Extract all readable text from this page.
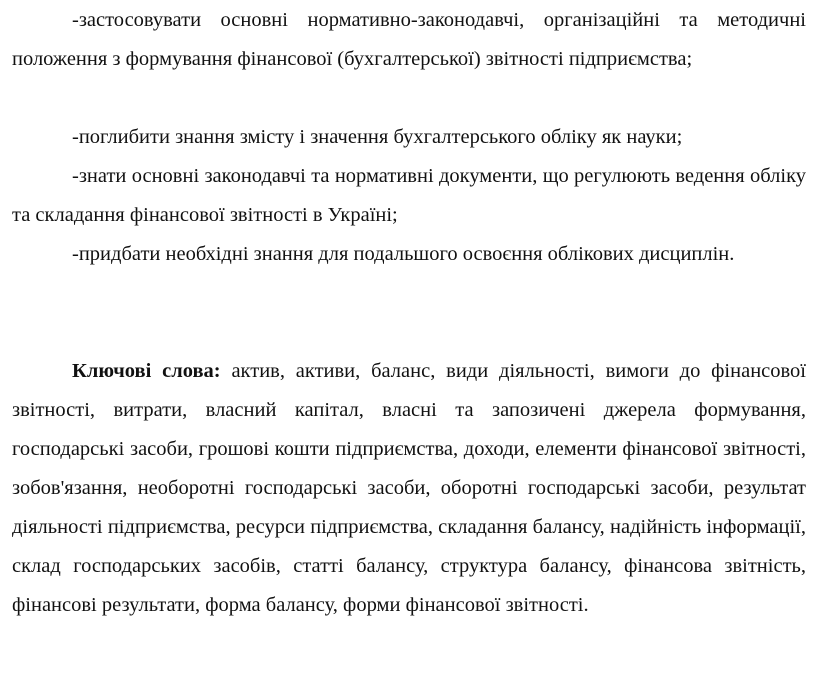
-застосовувати основні нормативно-законодавчі, організаційні та методичні положення з формування фінансової (бухгалтерської) звітності підприємства;

-поглибити знання змісту і значення бухгалтерського обліку як науки;

-знати основні законодавчі та нормативні документи, що регулюють ведення обліку та складання фінансової звітності в Україні;

-придбати необхідні знання для подальшого освоєння облікових дисциплін.

Ключові слова: актив, активи, баланс, види діяльності, вимоги до фінансової звітності, витрати, власний капітал, власні та запозичені джерела формування, господарські засоби, грошові кошти підприємства, доходи, елементи фінансової звітності, зобов'язання, необоротні господарські засоби, оборотні господарські засоби, результат діяльності підприємства, ресурси підприємства, складання балансу, надійність інформації, склад господарських засобів, статті балансу, структура балансу, фінансова звітність, фінансові результати, форма балансу, форми фінансової звітності.
